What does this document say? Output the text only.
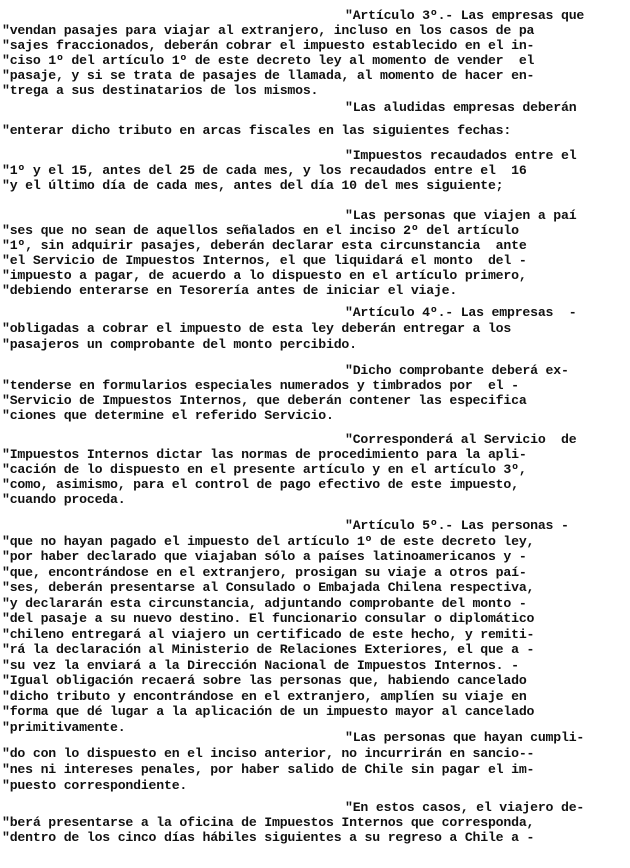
"Artículo 3º.- Las empresas que
"vendan pasajes para viajar al extranjero, incluso en los casos de pa
"sajes fraccionados, deberán cobrar el impuesto establecido en el in-
"ciso 1º del artículo 1º de este decreto ley al momento de vender  el
"pasaje, y si se trata de pasajes de llamada, al momento de hacer en-
"trega a sus destinatarios de los mismos.
"Las aludidas empresas deberán
"enterar dicho tributo en arcas fiscales en las siguientes fechas:
"Impuestos recaudados entre el
"1º y el 15, antes del 25 de cada mes, y los recaudados entre el  16
"y el último día de cada mes, antes del día 10 del mes siguiente;
"Las personas que viajen a paí
"ses que no sean de aquellos señalados en el inciso 2º del artículo
"1º, sin adquirir pasajes, deberán declarar esta circunstancia  ante
"el Servicio de Impuestos Internos, el que liquidará el monto  del -
"impuesto a pagar, de acuerdo a lo dispuesto en el artículo primero,
"debiendo enterarse en Tesorería antes de iniciar el viaje.
"Artículo 4º.- Las empresas  -
"obligadas a cobrar el impuesto de esta ley deberán entregar a los
"pasajeros un comprobante del monto percibido.
"Dicho comprobante deberá ex-
"tenderse en formularios especiales numerados y timbrados por  el -
"Servicio de Impuestos Internos, que deberán contener las especifica
"ciones que determine el referido Servicio.
"Corresponderá al Servicio  de
"Impuestos Internos dictar las normas de procedimiento para la apli-
"cación de lo dispuesto en el presente artículo y en el artículo 3º,
"como, asimismo, para el control de pago efectivo de este impuesto,
"cuando proceda.
"Artículo 5º.- Las personas -
"que no hayan pagado el impuesto del artículo 1º de este decreto ley,
"por haber declarado que viajaban sólo a países latinoamericanos y -
"que, encontrándose en el extranjero, prosigan su viaje a otros paí-
"ses, deberán presentarse al Consulado o Embajada Chilena respectiva,
"y declararán esta circunstancia, adjuntando comprobante del monto -
"del pasaje a su nuevo destino. El funcionario consular o diplomático
"chileno entregará al viajero un certificado de este hecho, y remiti-
"rá la declaración al Ministerio de Relaciones Exteriores, el que a -
"su vez la enviará a la Dirección Nacional de Impuestos Internos. -
"Igual obligación recaerá sobre las personas que, habiendo cancelado
"dicho tributo y encontrándose en el extranjero, amplíen su viaje en
"forma que dé lugar a la aplicación de un impuesto mayor al cancelado
"primitivamente.
"Las personas que hayan cumpli-
"do con lo dispuesto en el inciso anterior, no incurrirán en sancio--
"nes ni intereses penales, por haber salido de Chile sin pagar el im-
"puesto correspondiente.
"En estos casos, el viajero de-
"berá presentarse a la oficina de Impuestos Internos que corresponda,
"dentro de los cinco días hábiles siguientes a su regreso a Chile a -
